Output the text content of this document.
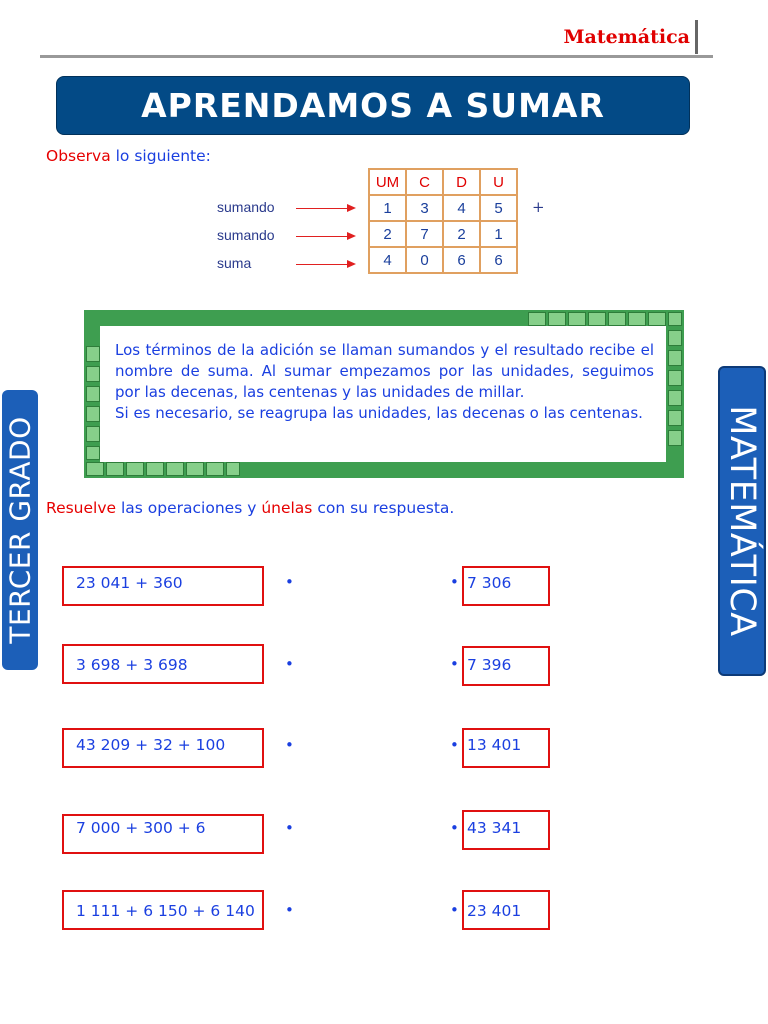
Matemática
APRENDAMOS A SUMAR
Observa lo siguiente:
sumando
sumando
suma
UM	C	D	U
1	3	4	5
2	7	2	1
4	0	6	6
+
Los términos de la adición se llaman sumandos y el resultado recibe el nombre de suma. Al sumar empezamos por las unidades, seguimos por las decenas, las centenas y las unidades de millar.
Si es necesario, se reagrupa las unidades, las decenas o las centenas.
Resuelve las operaciones y únelas con su respuesta.
23 041 + 360
3 698 + 3 698
43 209 + 32 + 100
7 000 + 300 + 6
1 111 + 6 150 + 6 140
•
•
•
•
•
•
•
•
•
•
7 306
7 396
13 401
43 341
23 401
TERCER GRADO	MATEMÁTICA
